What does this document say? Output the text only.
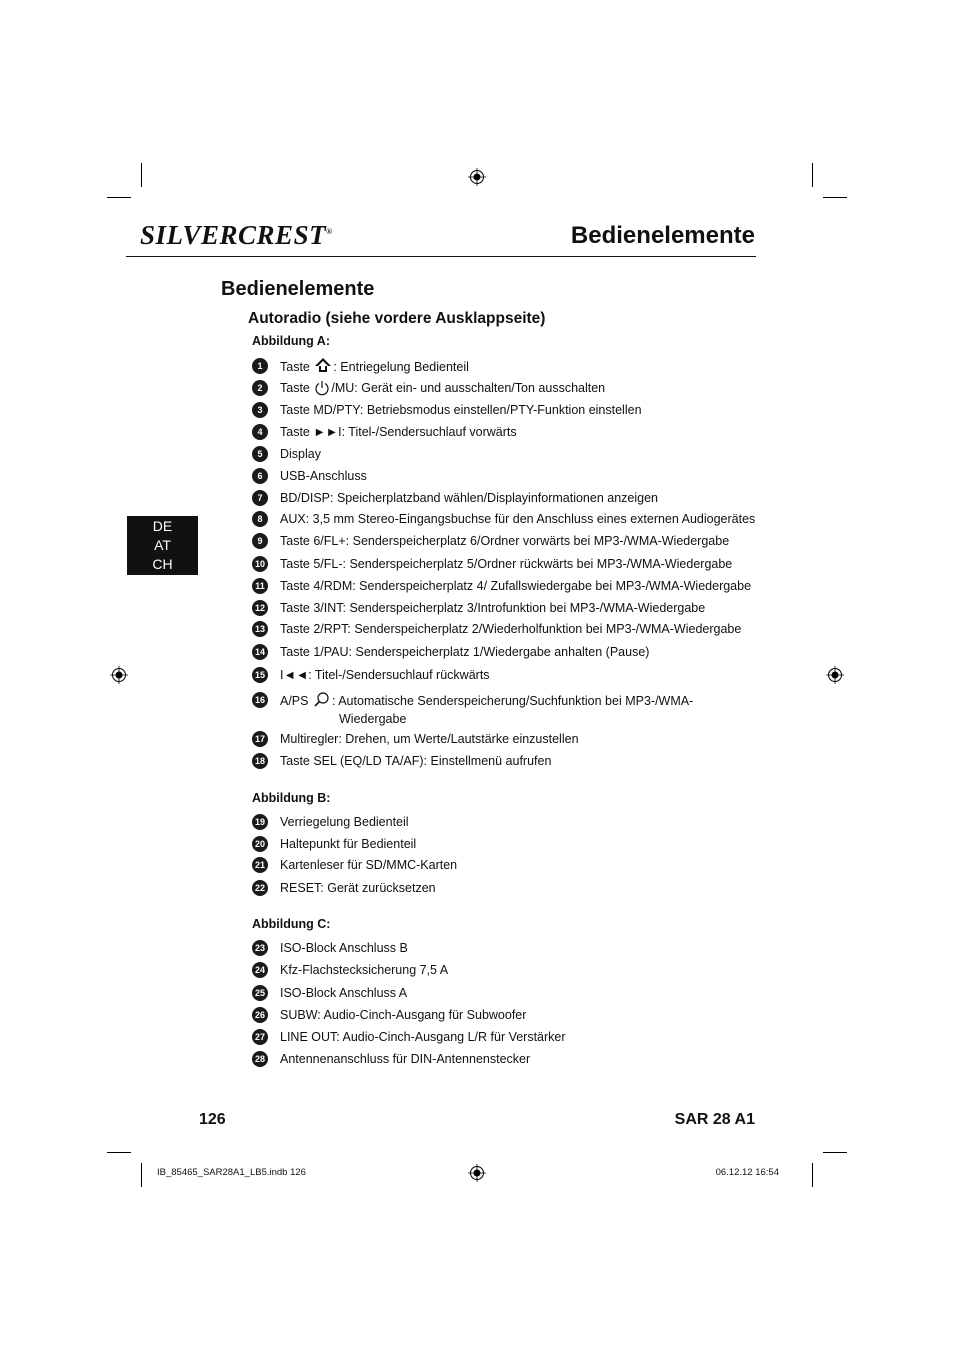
SILVERCREST®	Bedienelemente
Bedienelemente
Autoradio (siehe vordere Ausklappseite)
DE
AT
CH
Abbildung A:
1	Taste : Entriegelung Bedienteil
2	Taste /MU: Gerät ein- und ausschalten/Ton ausschalten
3	Taste MD/PTY: Betriebsmodus einstellen/PTY-Funktion einstellen
4	Taste ►►I: Titel-/Sendersuchlauf vorwärts
5	Display
6	USB-Anschluss
7	BD/DISP: Speicherplatzband wählen/Displayinformationen anzeigen
8	AUX: 3,5 mm Stereo-Eingangsbuchse für den Anschluss eines externen Audiogerätes
9	Taste 6/FL+: Senderspeicherplatz 6/Ordner vorwärts bei MP3-/WMA-Wiedergabe
10 Taste 5/FL-: Senderspeicherplatz 5/Ordner rückwärts bei MP3-/WMA-Wiedergabe
11 Taste 4/RDM: Senderspeicherplatz 4/ Zufallswiedergabe bei MP3-/WMA-Wiedergabe
12 Taste 3/INT: Senderspeicherplatz 3/Introfunktion bei MP3-/WMA-Wiedergabe
13 Taste 2/RPT: Senderspeicherplatz 2/Wiederholfunktion bei MP3-/WMA-Wiedergabe
14 Taste 1/PAU: Senderspeicherplatz 1/Wiedergabe anhalten (Pause)
15 I◄◄: Titel-/Sendersuchlauf rückwärts
16 A/PS : Automatische Senderspeicherung/Suchfunktion bei MP3-/WMA-
Wiedergabe
17 Multiregler: Drehen, um Werte/Lautstärke einzustellen
18 Taste SEL (EQ/LD TA/AF): Einstellmenü aufrufen
Abbildung B:
19 Verriegelung Bedienteil
20 Haltepunkt für Bedienteil
21 Kartenleser für SD/MMC-Karten
22 RESET: Gerät zurücksetzen
Abbildung C:
23 ISO-Block Anschluss B
24 Kfz-Flachstecksicherung 7,5 A
25 ISO-Block Anschluss A
26 SUBW: Audio-Cinch-Ausgang für Subwoofer
27 LINE OUT: Audio-Cinch-Ausgang L/R für Verstärker
28 Antennenanschluss für DIN-Antennenstecker
126	SAR 28 A1
IB_85465_SAR28A1_LB5.indb 126	06.12.12 16:54
